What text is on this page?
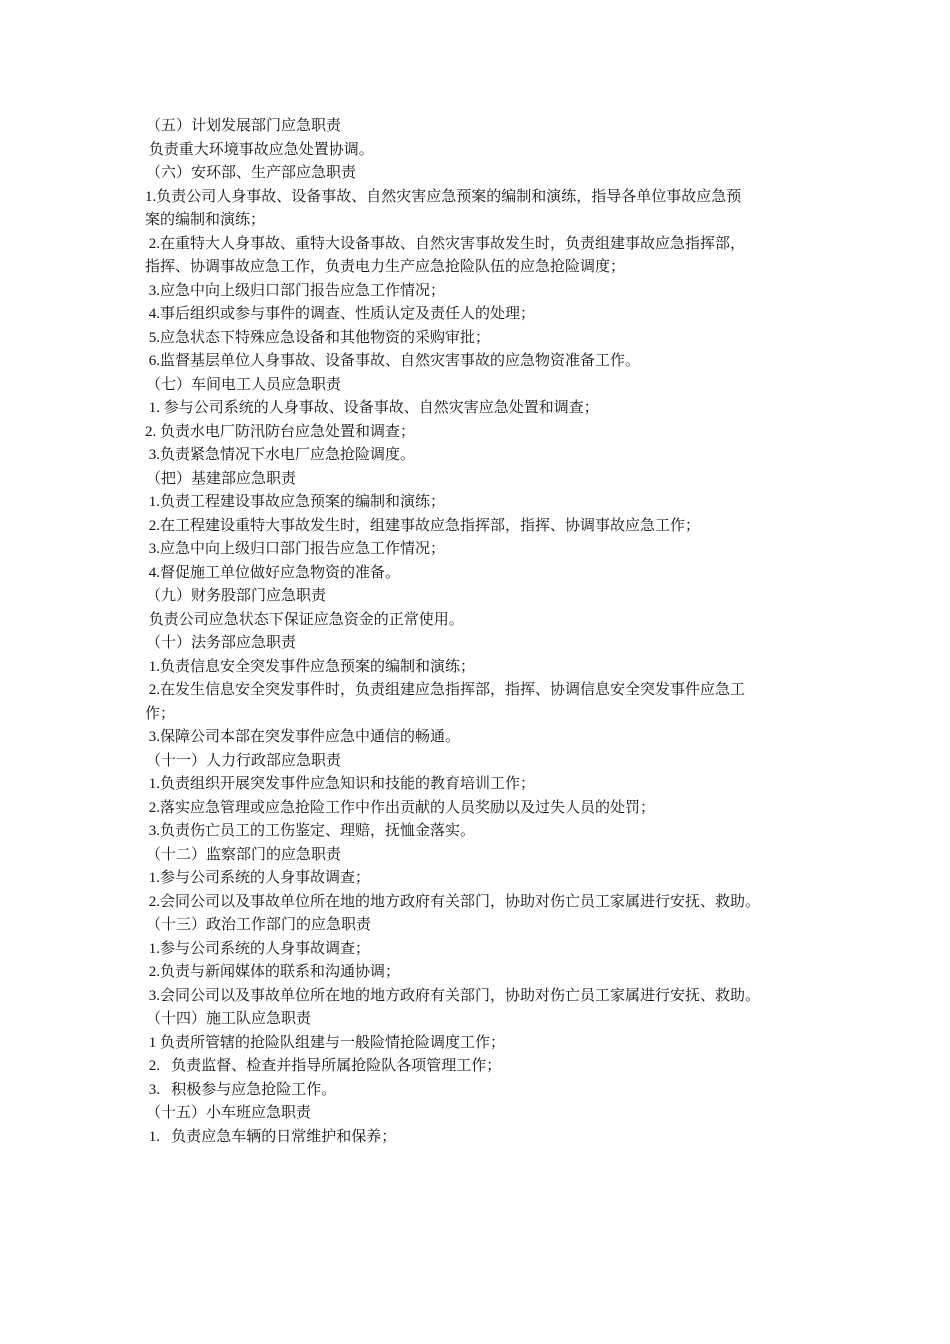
（五）计划发展部门应急职责
负责重大环境事故应急处置协调。
（六）安环部、生产部应急职责
1.负责公司人身事故、设备事故、自然灾害应急预案的编制和演练，指导各单位事故应急预
案的编制和演练；
2.在重特大人身事故、重特大设备事故、自然灾害事故发生时，负责组建事故应急指挥部，
指挥、协调事故应急工作，负责电力生产应急抢险队伍的应急抢险调度；
3.应急中向上级归口部门报告应急工作情况；
4.事后组织或参与事件的调查、性质认定及责任人的处理；
5.应急状态下特殊应急设备和其他物资的采购审批；
6.监督基层单位人身事故、设备事故、自然灾害事故的应急物资准备工作。
（七）车间电工人员应急职责
1. 参与公司系统的人身事故、设备事故、自然灾害应急处置和调查；
2. 负责水电厂防汛防台应急处置和调查；
3.负责紧急情况下水电厂应急抢险调度。
（把）基建部应急职责
1.负责工程建设事故应急预案的编制和演练；
2.在工程建设重特大事故发生时，组建事故应急指挥部，指挥、协调事故应急工作；
3.应急中向上级归口部门报告应急工作情况；
4.督促施工单位做好应急物资的准备。
（九）财务股部门应急职责
负责公司应急状态下保证应急资金的正常使用。
（十）法务部应急职责
1.负责信息安全突发事件应急预案的编制和演练；
2.在发生信息安全突发事件时，负责组建应急指挥部，指挥、协调信息安全突发事件应急工
作；
3.保障公司本部在突发事件应急中通信的畅通。
（十一）人力行政部应急职责
1.负责组织开展突发事件应急知识和技能的教育培训工作；
2.落实应急管理或应急抢险工作中作出贡献的人员奖励以及过失人员的处罚；
3.负责伤亡员工的工伤鉴定、理赔，抚恤金落实。
（十二）监察部门的应急职责
1.参与公司系统的人身事故调查；
2.会同公司以及事故单位所在地的地方政府有关部门，协助对伤亡员工家属进行安抚、救助。
（十三）政治工作部门的应急职责
1.参与公司系统的人身事故调查；
2.负责与新闻媒体的联系和沟通协调；
3.会同公司以及事故单位所在地的地方政府有关部门，协助对伤亡员工家属进行安抚、救助。
（十四）施工队应急职责
1 负责所管辖的抢险队组建与一般险情抢险调度工作；
2.   负责监督、检查并指导所属抢险队各项管理工作；
3.   积极参与应急抢险工作。
（十五）小车班应急职责
1.   负责应急车辆的日常维护和保养；
